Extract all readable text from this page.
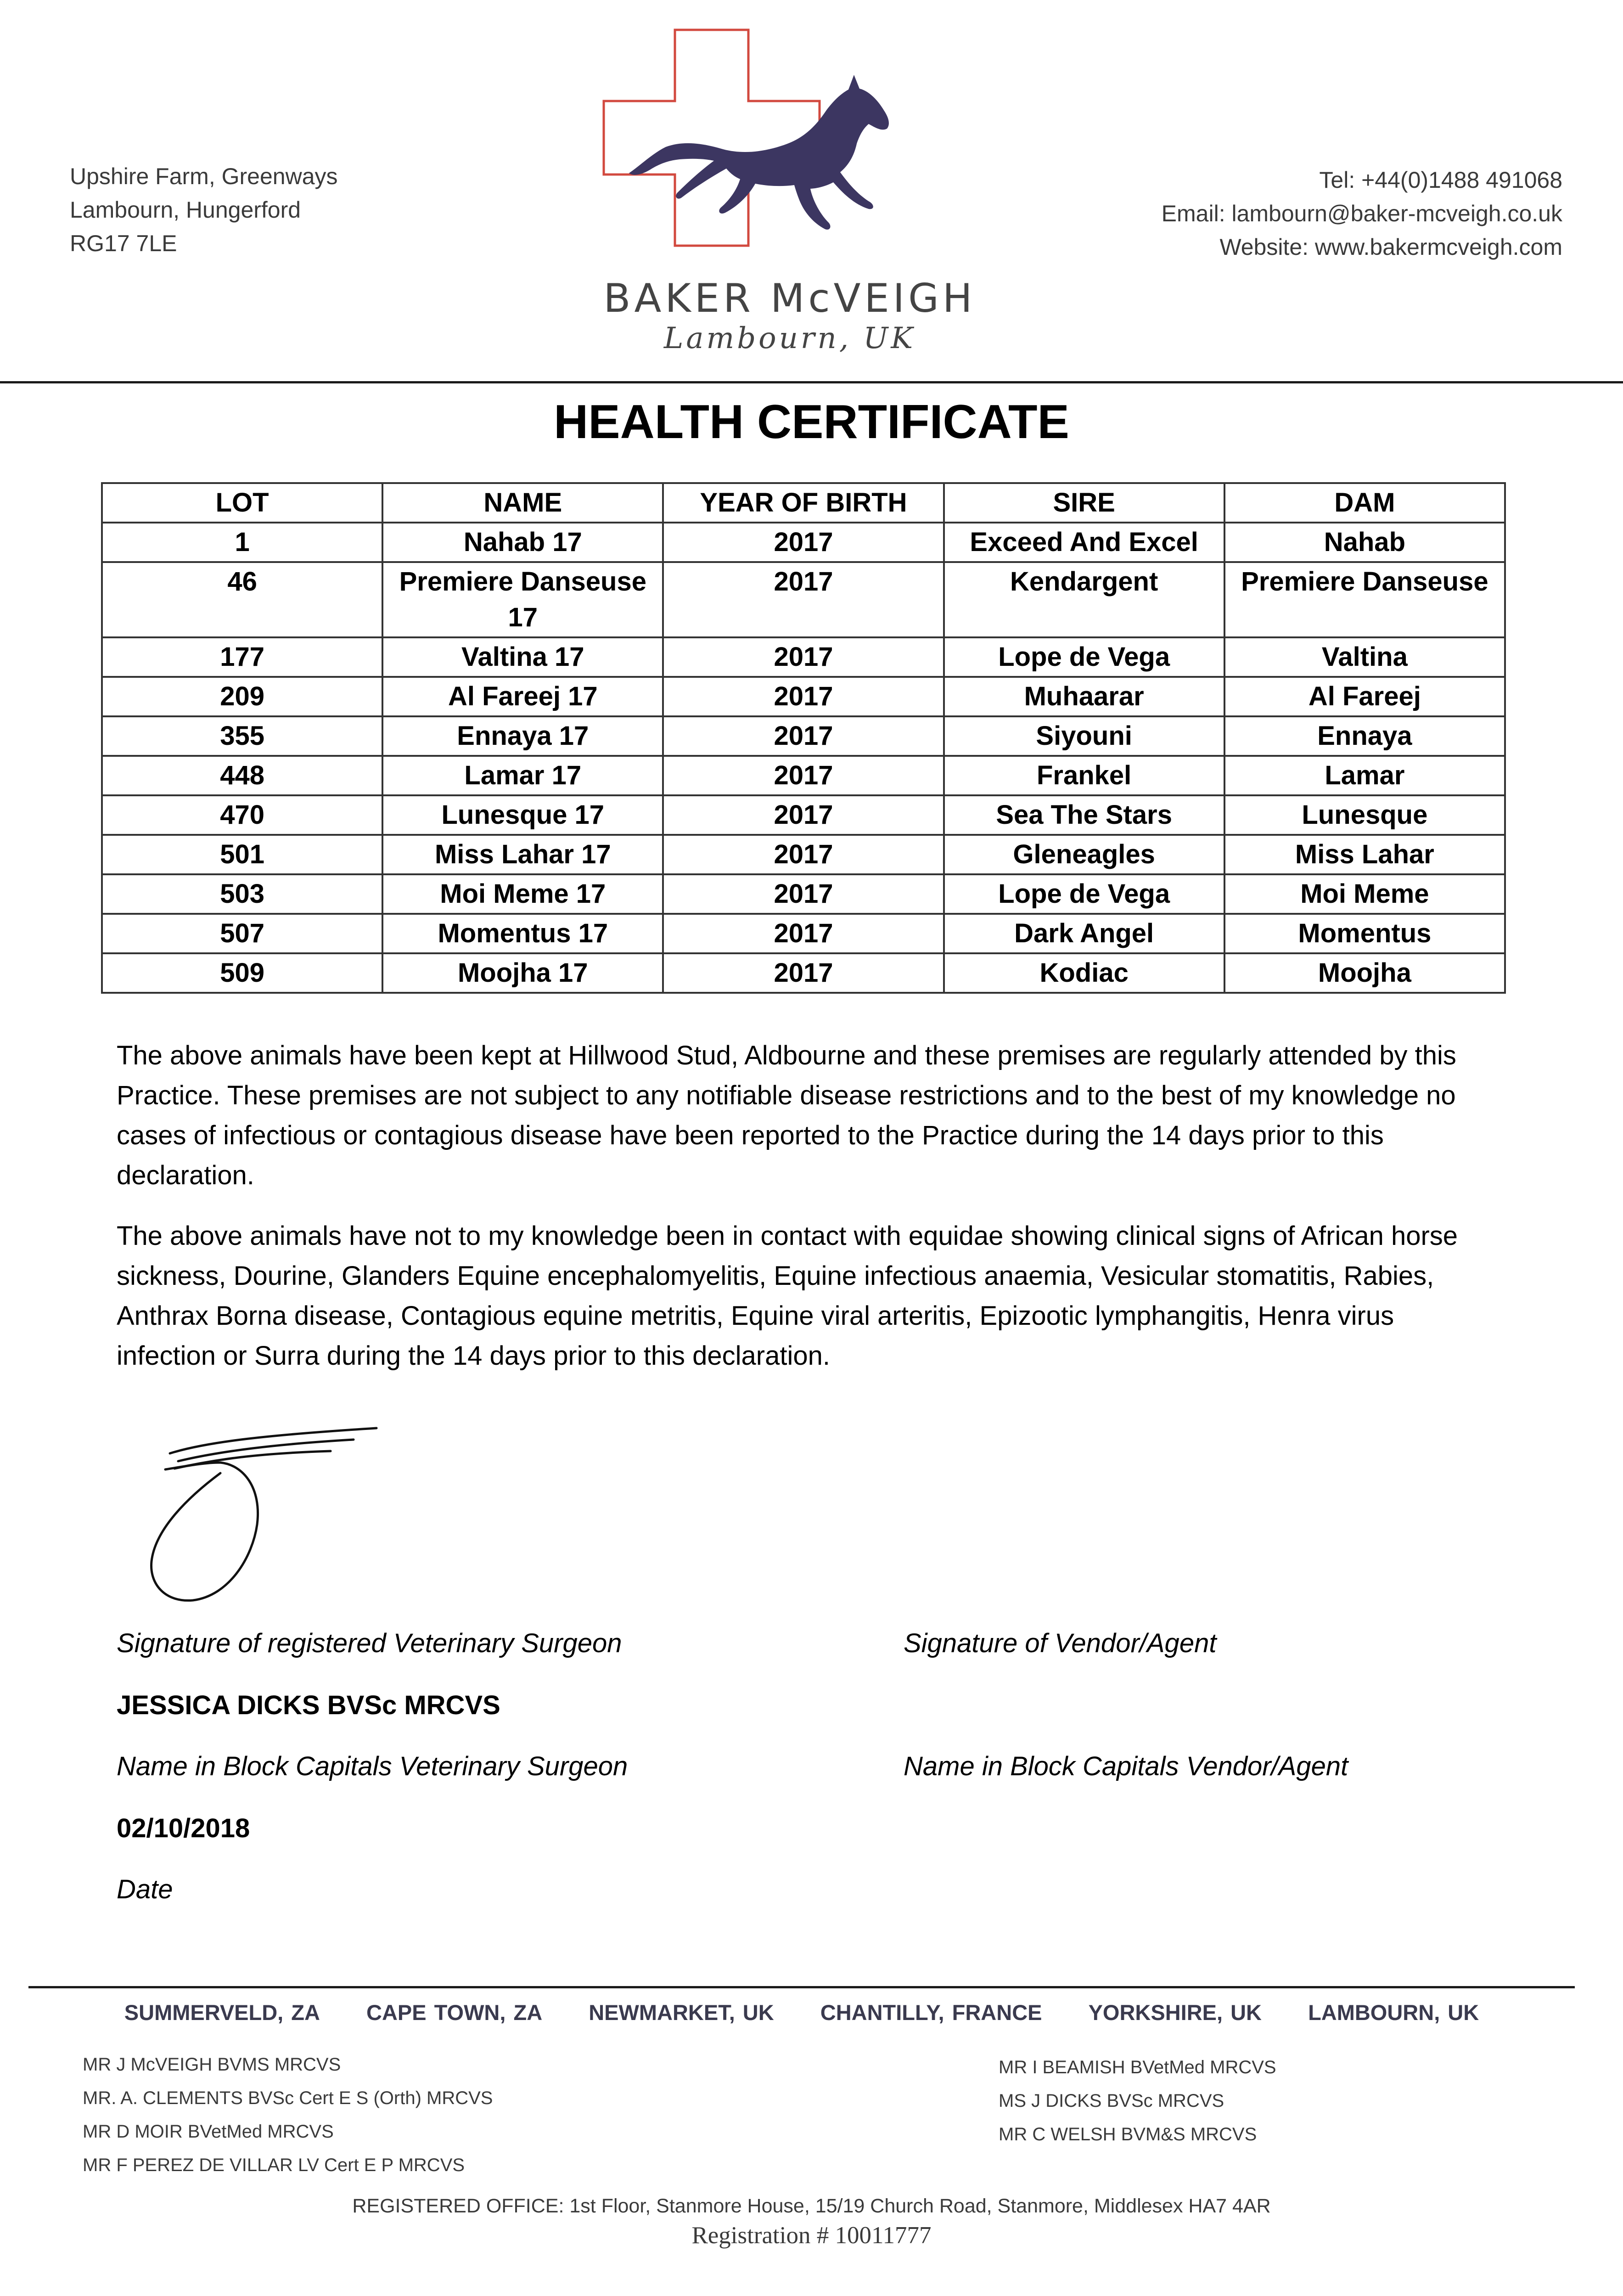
Upshire Farm, Greenways
Lambourn, Hungerford
RG17 7LE
BAKER McVEIGH
Lambourn, UK
Tel: +44(0)1488 491068
Email: lambourn@baker-mcveigh.co.uk
Website: www.bakermcveigh.com
HEALTH CERTIFICATE
LOT	NAME	YEAR OF BIRTH	SIRE	DAM
1	Nahab 17	2017	Exceed And Excel	Nahab
46	Premiere Danseuse 17	2017	Kendargent	Premiere Danseuse
177	Valtina 17	2017	Lope de Vega	Valtina
209	Al Fareej 17	2017	Muhaarar	Al Fareej
355	Ennaya 17	2017	Siyouni	Ennaya
448	Lamar 17	2017	Frankel	Lamar
470	Lunesque 17	2017	Sea The Stars	Lunesque
501	Miss Lahar 17	2017	Gleneagles	Miss Lahar
503	Moi Meme 17	2017	Lope de Vega	Moi Meme
507	Momentus 17	2017	Dark Angel	Momentus
509	Moojha 17	2017	Kodiac	Moojha
The above animals have been kept at Hillwood Stud, Aldbourne and these premises are regularly attended by this Practice. These premises are not subject to any notifiable disease restrictions and to the best of my knowledge no cases of infectious or contagious disease have been reported to the Practice during the 14 days prior to this declaration.
The above animals have not to my knowledge been in contact with equidae showing clinical signs of African horse sickness, Dourine, Glanders Equine encephalomyelitis, Equine infectious anaemia, Vesicular stomatitis, Rabies, Anthrax Borna disease, Contagious equine metritis, Equine viral arteritis, Epizootic lymphangitis, Henra virus infection or Surra during the 14 days prior to this declaration.
Signature of registered Veterinary Surgeon	Signature of Vendor/Agent
JESSICA DICKS BVSc MRCVS
Name in Block Capitals Veterinary Surgeon	Name in Block Capitals Vendor/Agent
02/10/2018
Date
SUMMERVELD, ZA CAPE TOWN, ZA NEWMARKET, UK CHANTILLY, FRANCE YORKSHIRE, UK LAMBOURN, UK
MR J McVEIGH BVMS MRCVS
MR. A. CLEMENTS BVSc Cert E S (Orth) MRCVS
MR D MOIR BVetMed MRCVS
MR F PEREZ DE VILLAR LV Cert E P MRCVS
MR I BEAMISH BVetMed MRCVS
MS J DICKS BVSc MRCVS
MR C WELSH BVM&S MRCVS
REGISTERED OFFICE: 1st Floor, Stanmore House, 15/19 Church Road, Stanmore, Middlesex HA7 4AR
Registration # 10011777
